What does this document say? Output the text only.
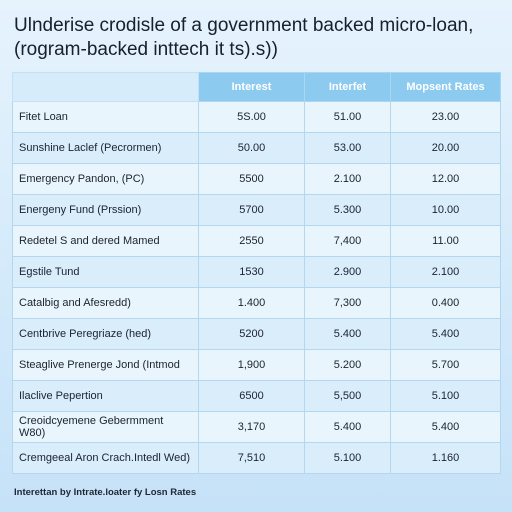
Ulnderise crodisle of a government backed micro-loan,
(rogram-backed inttech it ts).s))
	Interest	Interfet	Mopsent Rates
Fitet Loan	5S.00	51.00	23.00
Sunshine Laclef (Pecrormen)	50.00	53.00	20.00
Emergency Pandon, (PC)	5500	2.100	12.00
Energeny Fund (Prssion)	5700	5.300	10.00
Redetel S and dered Mamed	2550	7,400	11.00
Egstile Tund	1530	2.900	2.100
Catalbig and Afesredd)	1.400	7,300	0.400
Centbrive Peregriaze (hed)	5200	5.400	5.400
Steaglive Prenerge Jond (Intmod	1,900	5.200	5.700
Ilaclive Pepertion	6500	5,500	5.100
Creoidcyemene Gebermment W80)	3,170	5.400	5.400
Cremgeeal Aron Crach.Intedl Wed)	7,510	5.100	1.160
Interettan by Intrate.loater fy Losn Rates
